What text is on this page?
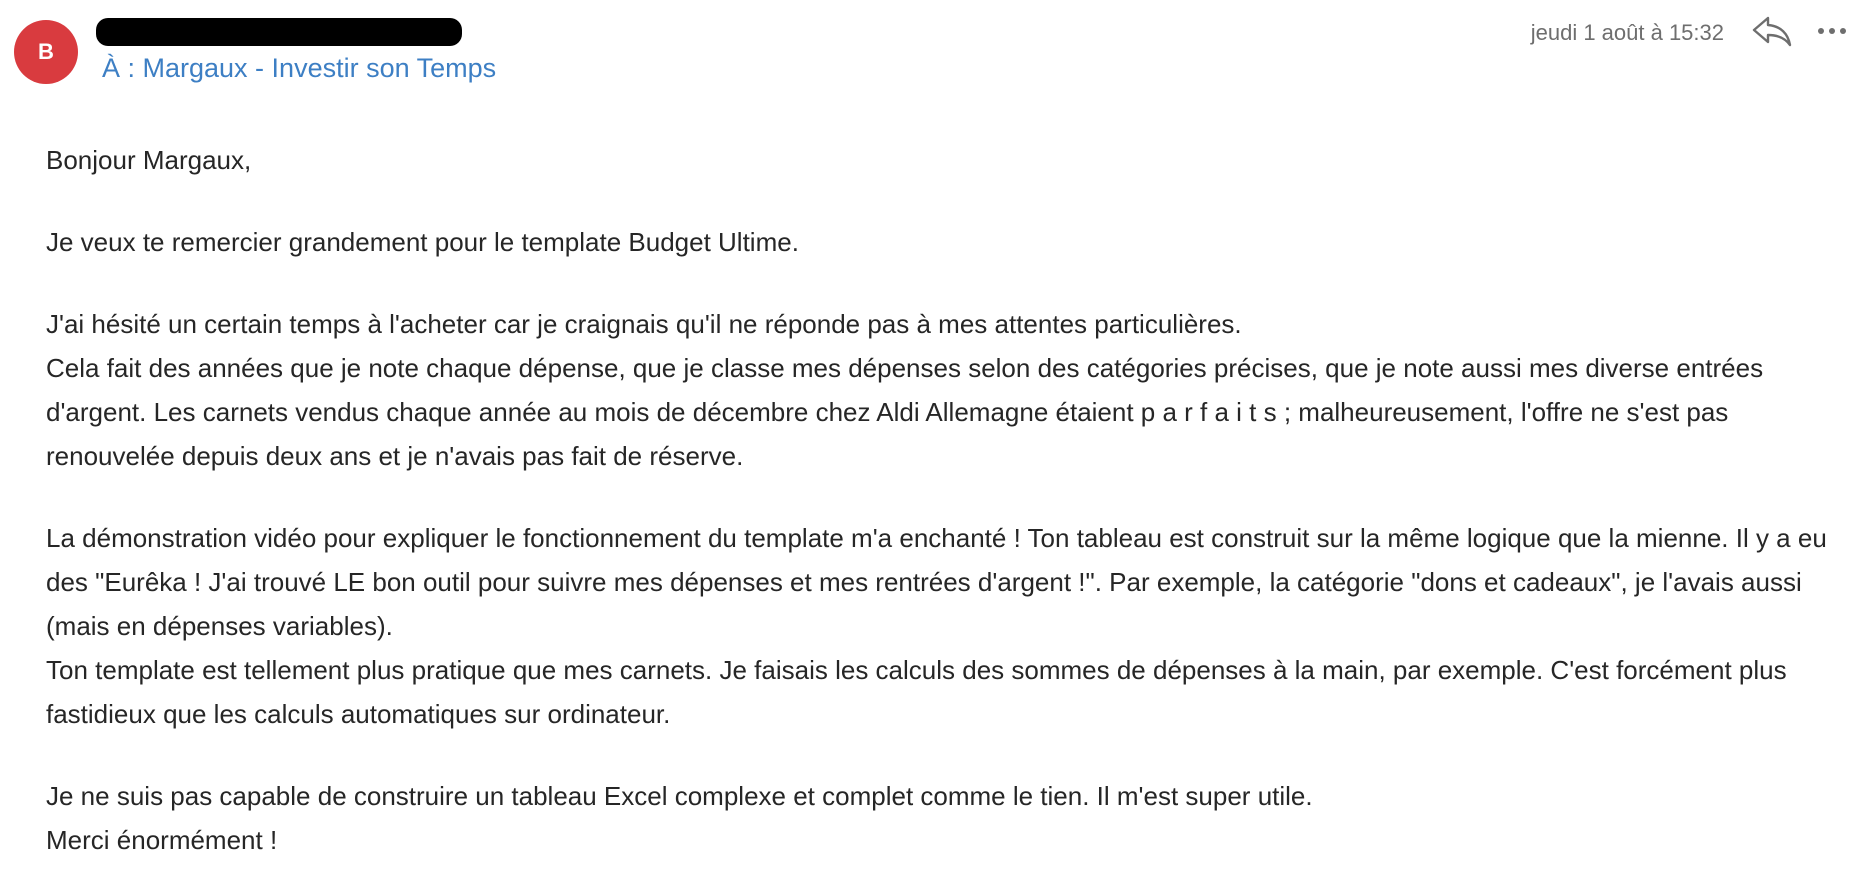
B
À : Margaux - Investir son Temps
jeudi 1 août à 15:32

Bonjour Margaux,

Je veux te remercier grandement pour le template Budget Ultime.

J'ai hésité un certain temps à l'acheter car je craignais qu'il ne réponde pas à mes attentes particulières.

Cela fait des années que je note chaque dépense, que je classe mes dépenses selon des catégories précises, que je note aussi mes diverse entrées d'argent. Les carnets vendus chaque année au mois de décembre chez Aldi Allemagne étaient p a r f a i t s ; malheureusement, l'offre ne s'est pas renouvelée depuis deux ans et je n'avais pas fait de réserve.

La démonstration vidéo pour expliquer le fonctionnement du template m'a enchanté ! Ton tableau est construit sur la même logique que la mienne. Il y a eu des "Eurêka ! J'ai trouvé LE bon outil pour suivre mes dépenses et mes rentrées d'argent !". Par exemple, la catégorie "dons et cadeaux", je l'avais aussi (mais en dépenses variables).

Ton template est tellement plus pratique que mes carnets. Je faisais les calculs des sommes de dépenses à la main, par exemple. C'est forcément plus fastidieux que les calculs automatiques sur ordinateur.

Je ne suis pas capable de construire un tableau Excel complexe et complet comme le tien. Il m'est super utile.

Merci énormément !
